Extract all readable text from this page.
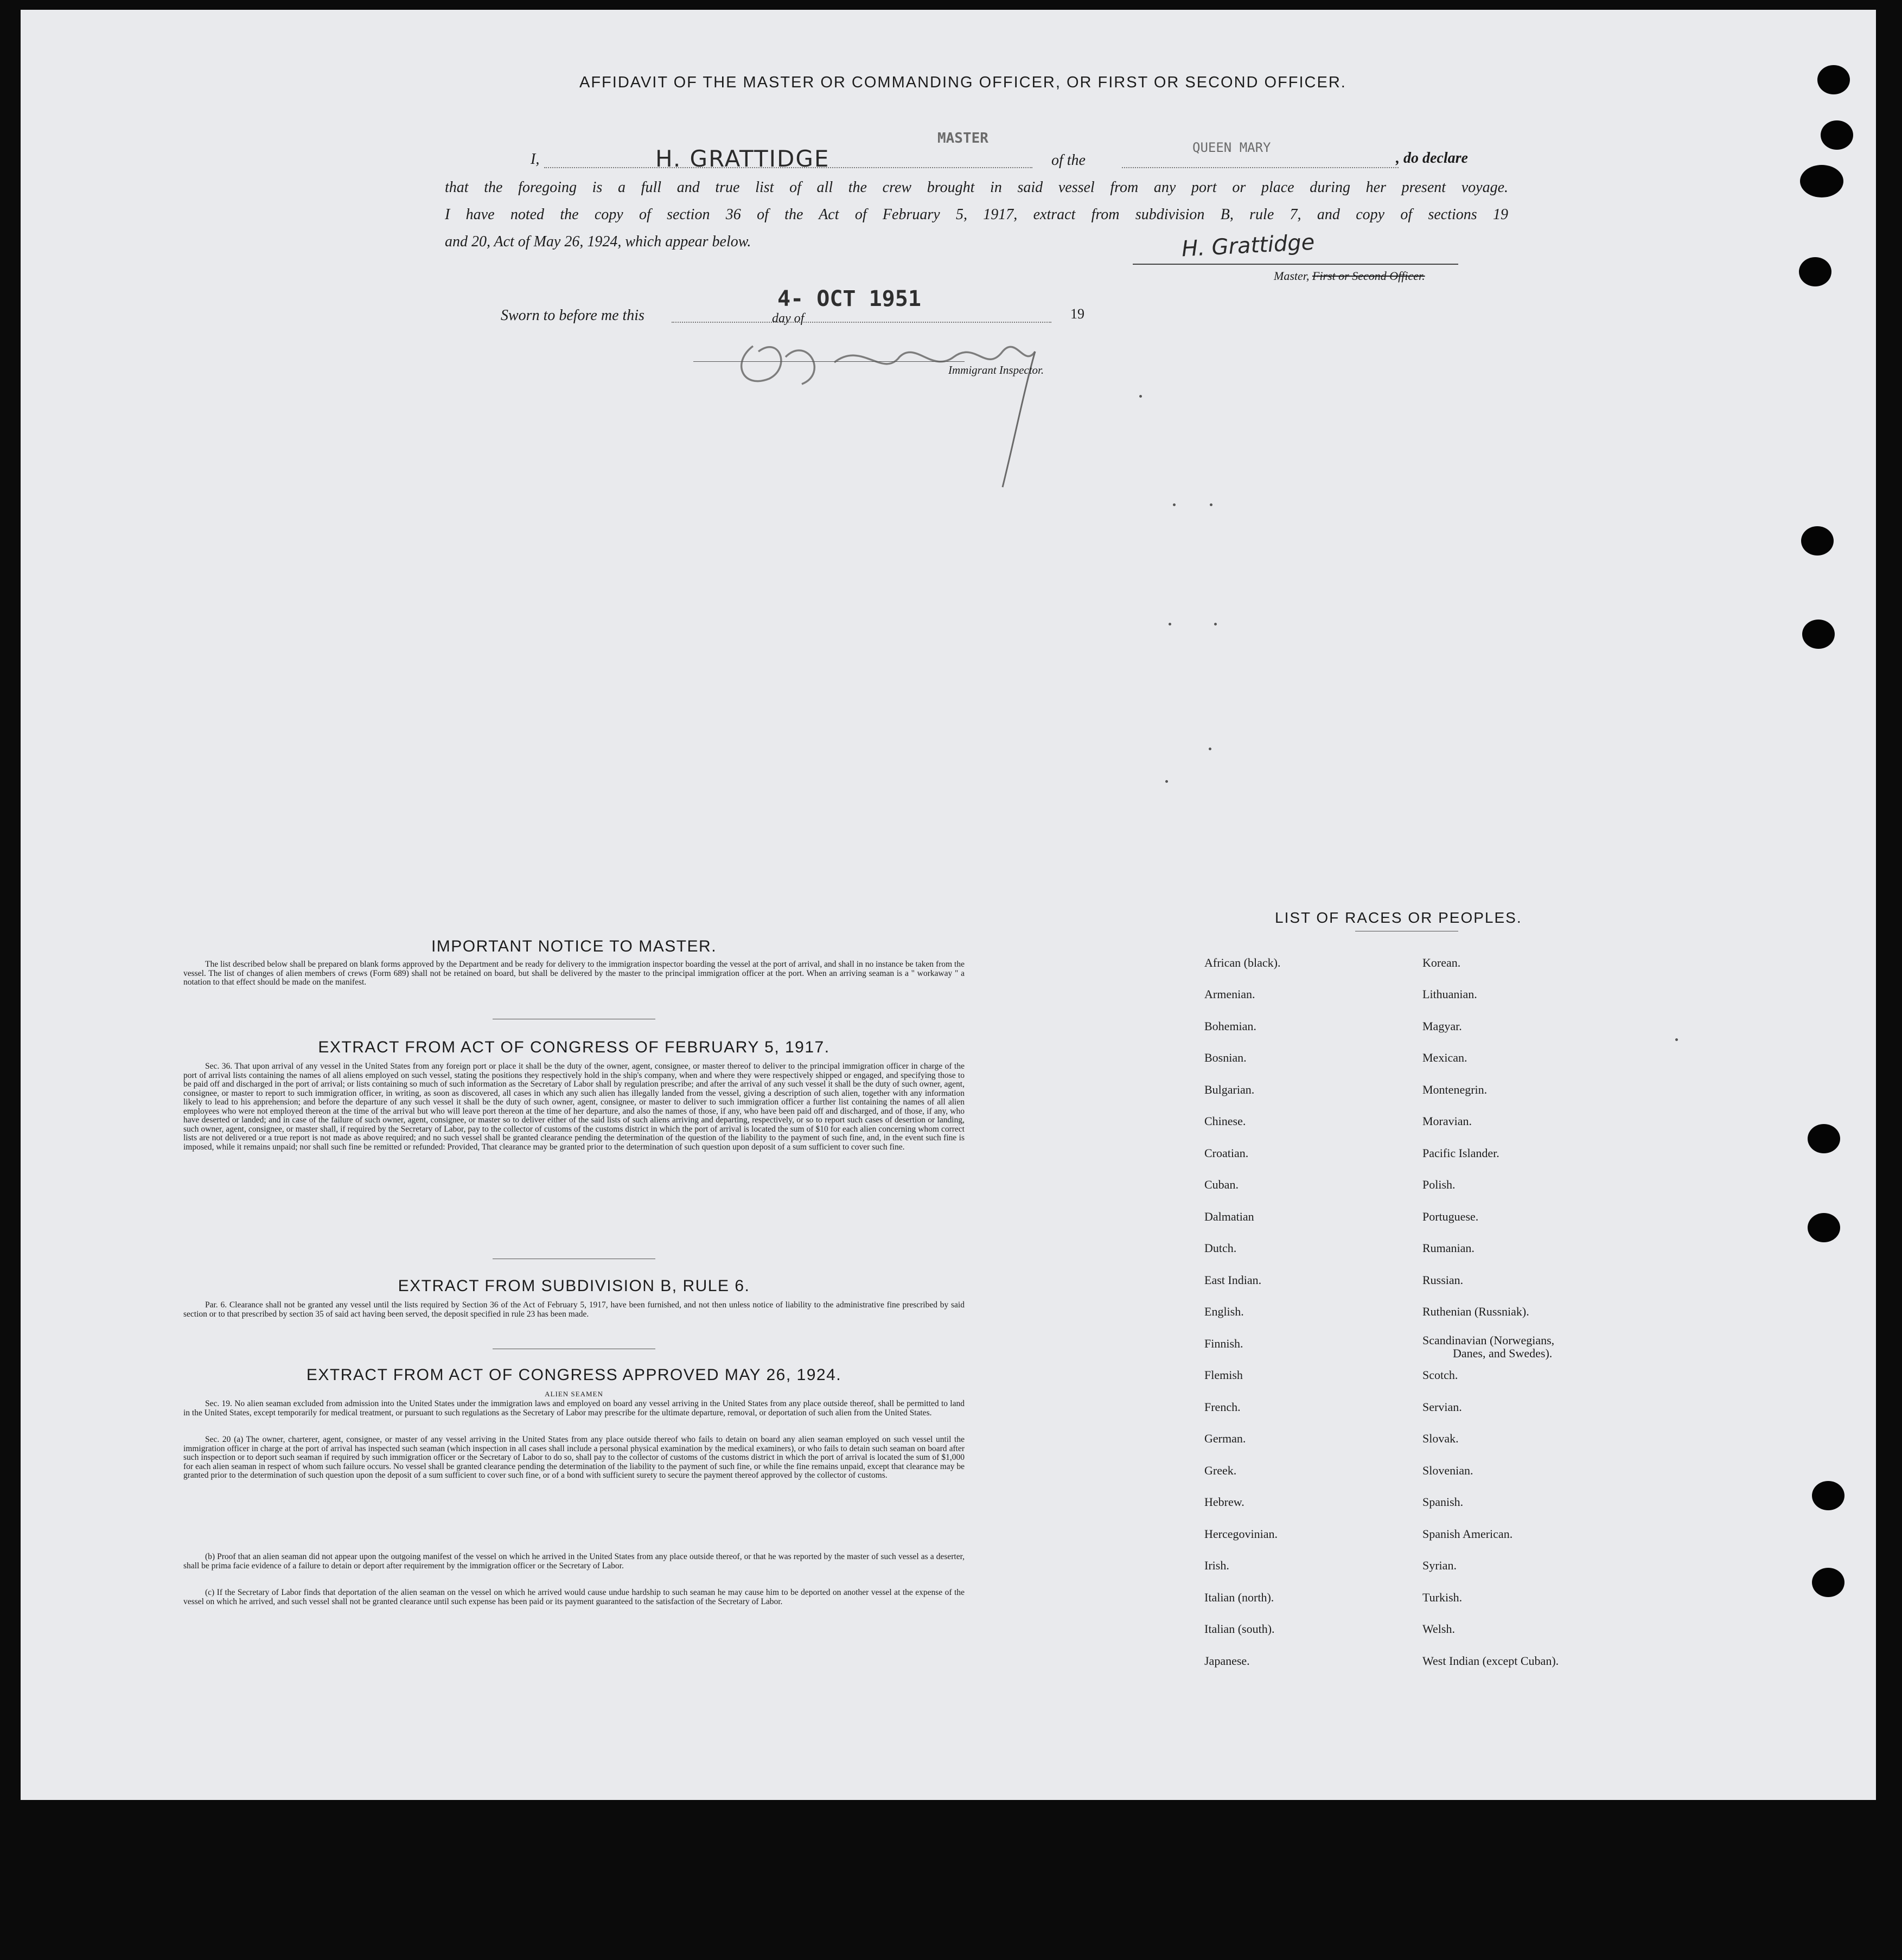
AFFIDAVIT OF THE MASTER OR COMMANDING OFFICER, OR FIRST OR SECOND OFFICER.
I,	H. GRATTIDGE
MASTER
of the
QUEEN MARY
, do declare
that the foregoing is a full and true list of all the crew brought in said vessel from any port or place during her present voyage.
I have noted the copy of section 36 of the Act of February 5, 1917, extract from subdivision B, rule 7, and copy of sections 19
and 20, Act of May 26, 1924, which appear below.	H. Grattidge
Master, First or Second Officer.
Sworn to before me this
4- OCT 1951
day of	19
Immigrant Inspector.
IMPORTANT NOTICE TO MASTER.
The list described below shall be prepared on blank forms approved by the Department and be ready for delivery to the immigration inspector boarding the vessel at the port of arrival, and shall in no instance be taken from the vessel. The list of changes of alien members of crews (Form 689) shall not be retained on board, but shall be delivered by the master to the principal immigration officer at the port. When an arriving seaman is a " workaway " a notation to that effect should be made on the manifest.
EXTRACT FROM ACT OF CONGRESS OF FEBRUARY 5, 1917.
Sec. 36. That upon arrival of any vessel in the United States from any foreign port or place it shall be the duty of the owner, agent, consignee, or master thereof to deliver to the principal immigration officer in charge of the port of arrival lists containing the names of all aliens employed on such vessel, stating the positions they respectively hold in the ship's company, when and where they were respectively shipped or engaged, and specifying those to be paid off and discharged in the port of arrival; or lists containing so much of such information as the Secretary of Labor shall by regulation prescribe; and after the arrival of any such vessel it shall be the duty of such owner, agent, consignee, or master to report to such immigration officer, in writing, as soon as discovered, all cases in which any such alien has illegally landed from the vessel, giving a description of such alien, together with any information likely to lead to his apprehension; and before the departure of any such vessel it shall be the duty of such owner, agent, consignee, or master to deliver to such immigration officer a further list containing the names of all alien employees who were not employed thereon at the time of the arrival but who will leave port thereon at the time of her departure, and also the names of those, if any, who have been paid off and discharged, and of those, if any, who have deserted or landed; and in case of the failure of such owner, agent, consignee, or master so to deliver either of the said lists of such aliens arriving and departing, respectively, or so to report such cases of desertion or landing, such owner, agent, consignee, or master shall, if required by the Secretary of Labor, pay to the collector of customs of the customs district in which the port of arrival is located the sum of $10 for each alien concerning whom correct lists are not delivered or a true report is not made as above required; and no such vessel shall be granted clearance pending the determination of the question of the liability to the payment of such fine, and, in the event such fine is imposed, while it remains unpaid; nor shall such fine be remitted or refunded: Provided, That clearance may be granted prior to the determination of such question upon deposit of a sum sufficient to cover such fine.
EXTRACT FROM SUBDIVISION B, RULE 6.
Par. 6. Clearance shall not be granted any vessel until the lists required by Section 36 of the Act of February 5, 1917, have been furnished, and not then unless notice of liability to the administrative fine prescribed by said section or to that prescribed by section 35 of said act having been served, the deposit specified in rule 23 has been made.
EXTRACT FROM ACT OF CONGRESS APPROVED MAY 26, 1924.
ALIEN SEAMEN
Sec. 19. No alien seaman excluded from admission into the United States under the immigration laws and employed on board any vessel arriving in the United States from any place outside thereof, shall be permitted to land in the United States, except temporarily for medical treatment, or pursuant to such regulations as the Secretary of Labor may prescribe for the ultimate departure, removal, or deportation of such alien from the United States.
Sec. 20 (a) The owner, charterer, agent, consignee, or master of any vessel arriving in the United States from any place outside thereof who fails to detain on board any alien seaman employed on such vessel until the immigration officer in charge at the port of arrival has inspected such seaman (which inspection in all cases shall include a personal physical examination by the medical examiners), or who fails to detain such seaman on board after such inspection or to deport such seaman if required by such immigration officer or the Secretary of Labor to do so, shall pay to the collector of customs of the customs district in which the port of arrival is located the sum of $1,000 for each alien seaman in respect of whom such failure occurs. No vessel shall be granted clearance pending the determination of the liability to the payment of such fine, or while the fine remains unpaid, except that clearance may be granted prior to the determination of such question upon the deposit of a sum sufficient to cover such fine, or of a bond with sufficient surety to secure the payment thereof approved by the collector of customs.
(b) Proof that an alien seaman did not appear upon the outgoing manifest of the vessel on which he arrived in the United States from any place outside thereof, or that he was reported by the master of such vessel as a deserter, shall be prima facie evidence of a failure to detain or deport after requirement by the immigration officer or the Secretary of Labor.
(c) If the Secretary of Labor finds that deportation of the alien seaman on the vessel on which he arrived would cause undue hardship to such seaman he may cause him to be deported on another vessel at the expense of the vessel on which he arrived, and such vessel shall not be granted clearance until such expense has been paid or its payment guaranteed to the satisfaction of the Secretary of Labor.
LIST OF RACES OR PEOPLES.
African (black).
Armenian.
Bohemian.
Bosnian.
Bulgarian.
Chinese.
Croatian.
Cuban.
Dalmatian
Dutch.
East Indian.
English.
Finnish.
Flemish
French.
German.
Greek.
Hebrew.
Hercegovinian.
Irish.
Italian (north).
Italian (south).
Japanese.
Korean.
Lithuanian.
Magyar.
Mexican.
Montenegrin.
Moravian.
Pacific Islander.
Polish.
Portuguese.
Rumanian.
Russian.
Ruthenian (Russniak).
Scandinavian (Norwegians,
Danes, and Swedes).
Scotch.
Servian.
Slovak.
Slovenian.
Spanish.
Spanish American.
Syrian.
Turkish.
Welsh.
West Indian (except Cuban).
